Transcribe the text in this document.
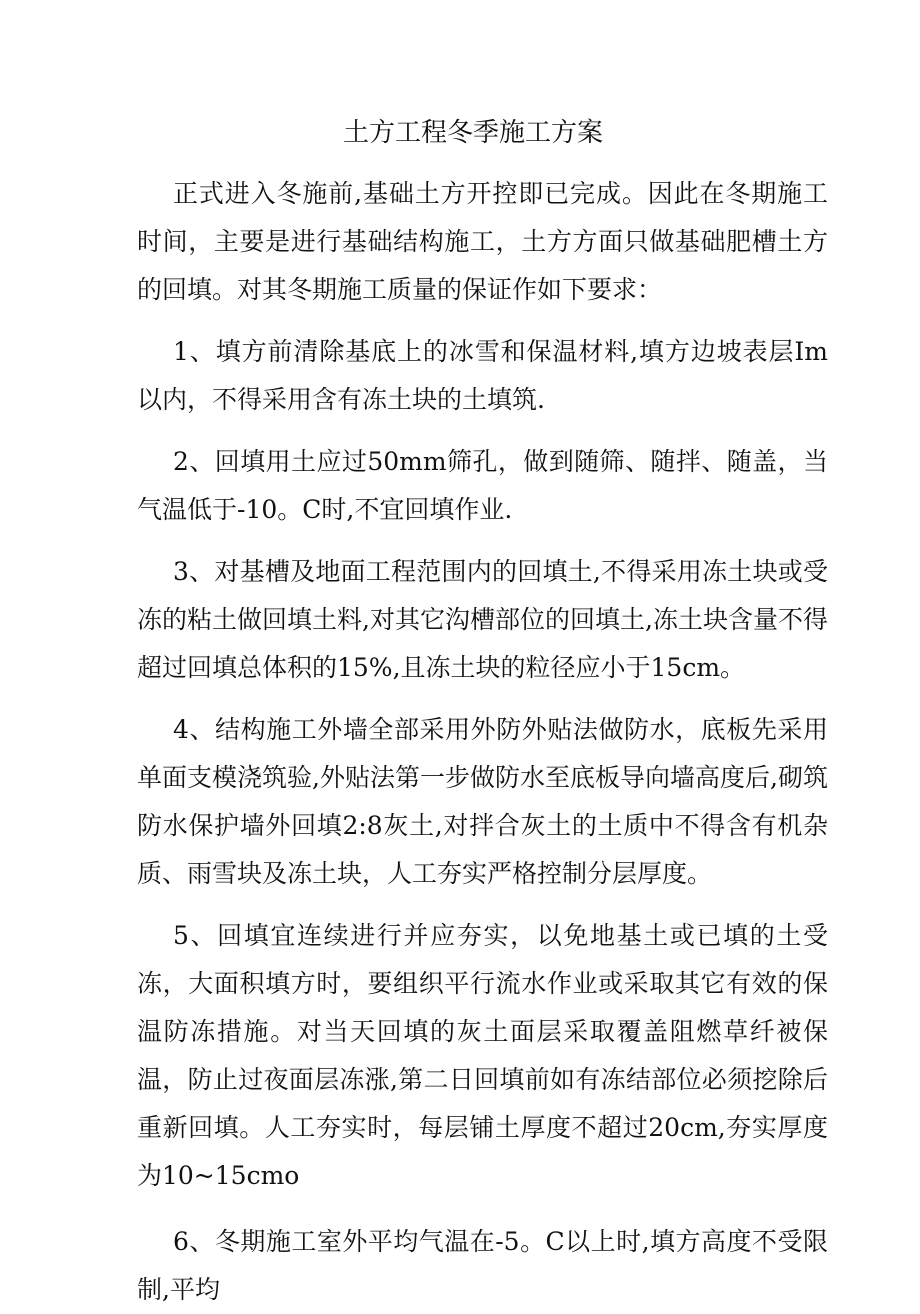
土方工程冬季施工方案

正式进入冬施前,基础土方开控即已完成。因此在冬期施工时间，主要是进行基础结构施工，土方方面只做基础肥槽土方的回填。对其冬期施工质量的保证作如下要求：

1、填方前清除基底上的冰雪和保温材料,填方边坡表层Im以内，不得采用含有冻土块的土填筑.

2、回填用土应过50mm筛孔，做到随筛、随拌、随盖，当气温低于-10。C时,不宜回填作业.

3、对基槽及地面工程范围内的回填土,不得采用冻土块或受冻的粘土做回填土料,对其它沟槽部位的回填土,冻土块含量不得超过回填总体积的15%,且冻土块的粒径应小于15cm。

4、结构施工外墙全部采用外防外贴法做防水，底板先采用单面支模浇筑验,外贴法第一步做防水至底板导向墙高度后,砌筑防水保护墙外回填2:8灰土,对拌合灰土的土质中不得含有机杂质、雨雪块及冻土块，人工夯实严格控制分层厚度。

5、回填宜连续进行并应夯实，以免地基土或已填的土受冻，大面积填方时，要组织平行流水作业或采取其它有效的保温防冻措施。对当天回填的灰土面层采取覆盖阻燃草纤被保温，防止过夜面层冻涨,第二日回填前如有冻结部位必须挖除后重新回填。人工夯实时，每层铺土厚度不超过20cm,夯实厚度为10~15cmo

6、冬期施工室外平均气温在-5。C以上时,填方高度不受限制,平均
